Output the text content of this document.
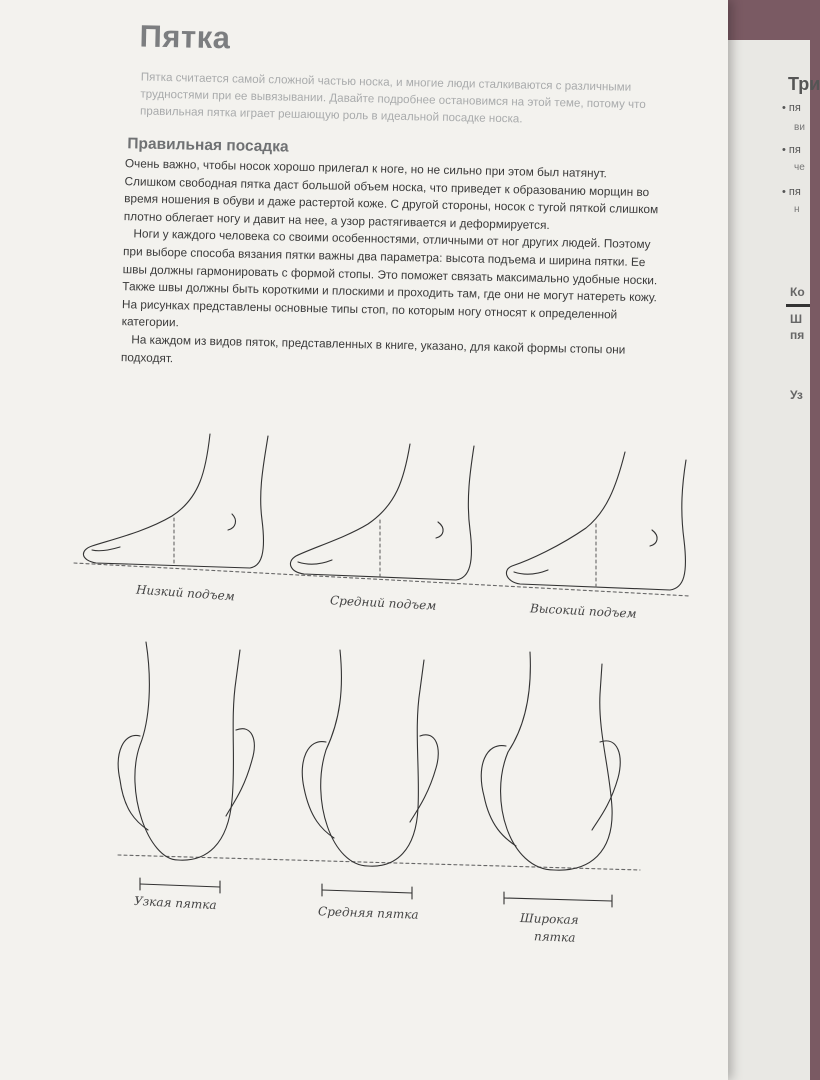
Три
• пя
ви
• пя
че
• пя
н
Ко
Ш
пя
Уз
Пятка
Пятка считается самой сложной частью носка, и многие люди сталкиваются с различными трудностями при ее вывязывании. Давайте подробнее остановимся на этой теме, потому что правильная пятка играет решающую роль в идеальной посадке носка.
Правильная посадка

Очень важно, чтобы носок хорошо прилегал к ноге, но не сильно при этом был натянут. Слишком свободная пятка даст большой объем носка, что приведет к образованию морщин во время ношения в обуви и даже растертой коже. С другой стороны, носок с тугой пяткой слишком плотно облегает ногу и давит на нее, а узор растягивается и деформируется.

Ноги у каждого человека со своими особенностями, отличными от ног других людей. Поэтому при выборе способа вязания пятки важны два параметра: высота подъема и ширина пятки. Ее швы должны гармонировать с формой стопы. Это поможет связать максимально удобные носки. Также швы должны быть короткими и плоскими и проходить там, где они не могут натереть кожу. На рисунках представлены основные типы стоп, по которым ногу относят к определенной категории.

На каждом из видов пяток, представленных в книге, указано, для какой формы стопы они подходят.

Низкий подъем	Средний подъем	Высокий подъем
Узкая пятка
Средняя пятка	Широкая
пятка
